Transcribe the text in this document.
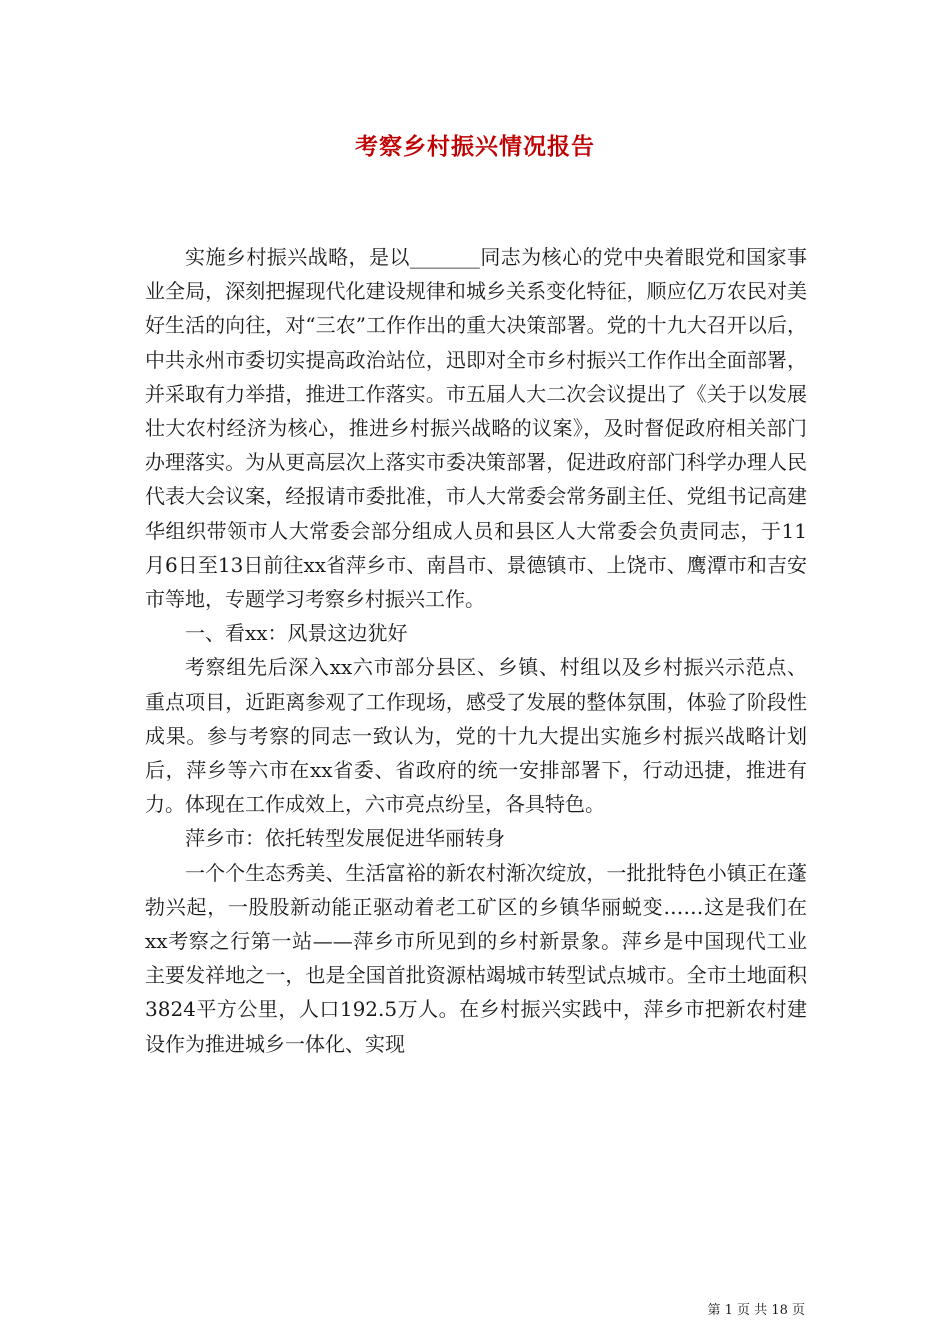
考察乡村振兴情况报告

实施乡村振兴战略，是以_______同志为核心的党中央着眼党和国家事业全局，深刻把握现代化建设规律和城乡关系变化特征，顺应亿万农民对美好生活的向往，对“三农”工作作出的重大决策部署。党的十九大召开以后，中共永州市委切实提高政治站位，迅即对全市乡村振兴工作作出全面部署，并采取有力举措，推进工作落实。市五届人大二次会议提出了《关于以发展壮大农村经济为核心，推进乡村振兴战略的议案》，及时督促政府相关部门办理落实。为从更高层次上落实市委决策部署，促进政府部门科学办理人民代表大会议案，经报请市委批准，市人大常委会常务副主任、党组书记高建华组织带领市人大常委会部分组成人员和县区人大常委会负责同志，于11月6日至13日前往xx省萍乡市、南昌市、景德镇市、上饶市、鹰潭市和吉安市等地，专题学习考察乡村振兴工作。

一、看xx：风景这边犹好

考察组先后深入xx六市部分县区、乡镇、村组以及乡村振兴示范点、重点项目，近距离参观了工作现场，感受了发展的整体氛围，体验了阶段性成果。参与考察的同志一致认为，党的十九大提出实施乡村振兴战略计划后，萍乡等六市在xx省委、省政府的统一安排部署下，行动迅捷，推进有力。体现在工作成效上，六市亮点纷呈，各具特色。

萍乡市：依托转型发展促进华丽转身

一个个生态秀美、生活富裕的新农村渐次绽放，一批批特色小镇正在蓬勃兴起，一股股新动能正驱动着老工矿区的乡镇华丽蜕变……这是我们在xx考察之行第一站——萍乡市所见到的乡村新景象。萍乡是中国现代工业主要发祥地之一，也是全国首批资源枯竭城市转型试点城市。全市土地面积3824平方公里，人口192.5万人。在乡村振兴实践中，萍乡市把新农村建设作为推进城乡一体化、实现

第 1 页 共 18 页
